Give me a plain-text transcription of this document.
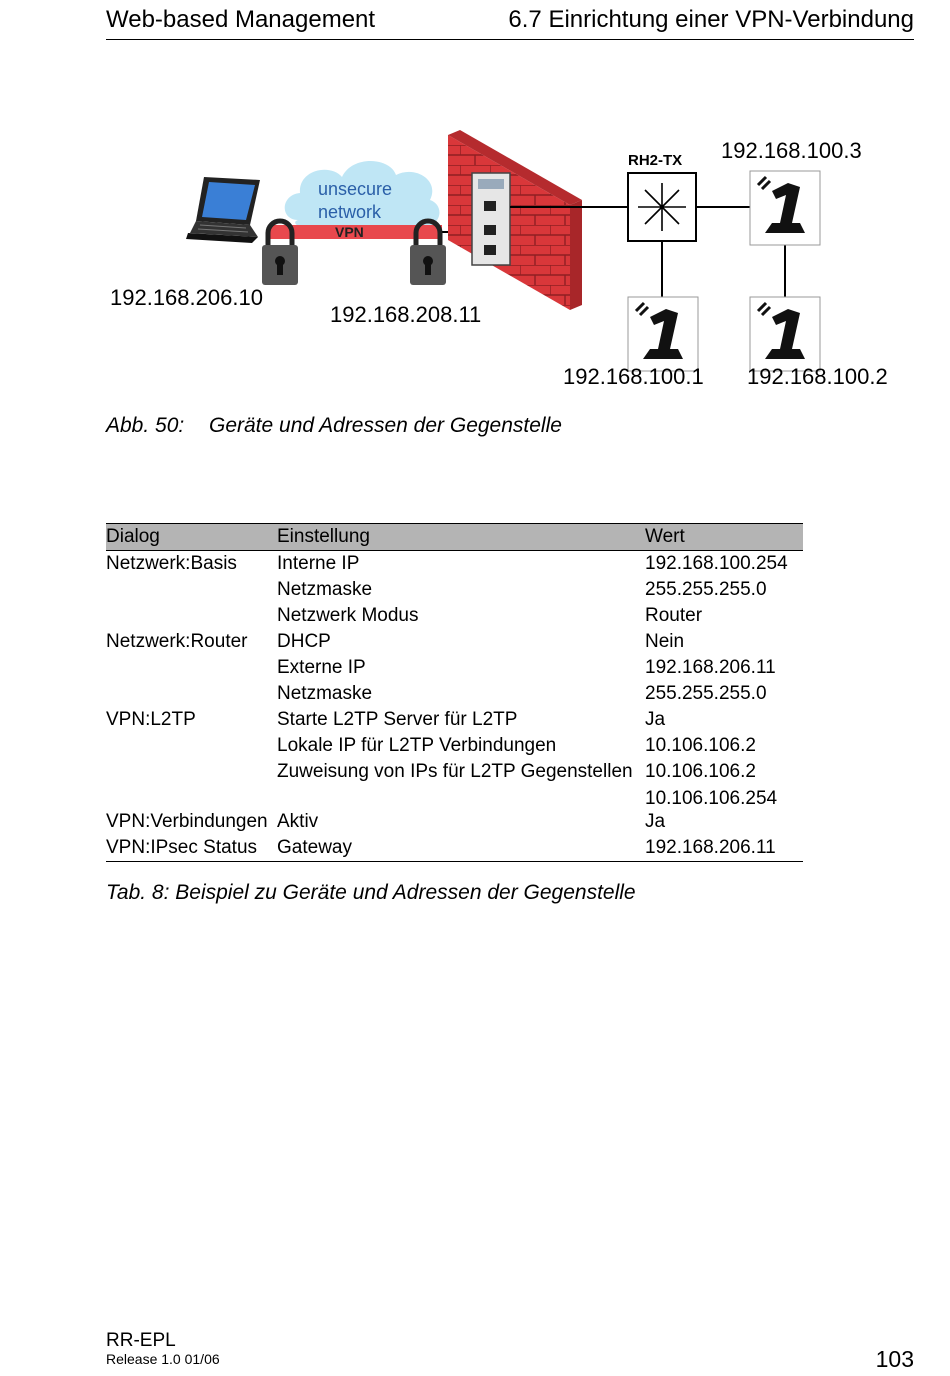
Web-based Management	6.7 Einrichtung einer VPN-Verbindung
unsecure
network
VPN
RH2-TX
192.168.206.10
192.168.208.11
192.168.100.3
192.168.100.1 192.168.100.2
Abb. 50: Geräte und Adressen der Gegenstelle
Dialog	Einstellung	Wert
Netzwerk:Basis	Interne IP	192.168.100.254
	Netzmaske	255.255.255.0
	Netzwerk Modus	Router
Netzwerk:Router	DHCP	Nein
	Externe IP	192.168.206.11
	Netzmaske	255.255.255.0
VPN:L2TP	Starte L2TP Server für L2TP	Ja
	Lokale IP für L2TP Verbindungen	10.106.106.2
	Zuweisung von IPs für L2TP Gegenstellen	10.106.106.2
10.106.106.254

VPN:Verbindungen	Aktiv	Ja
VPN:IPsec Status	Gateway	192.168.206.11
Tab. 8: Beispiel zu Geräte und Adressen der Gegenstelle
RR-EPL
Release 1.0 01/06	103
